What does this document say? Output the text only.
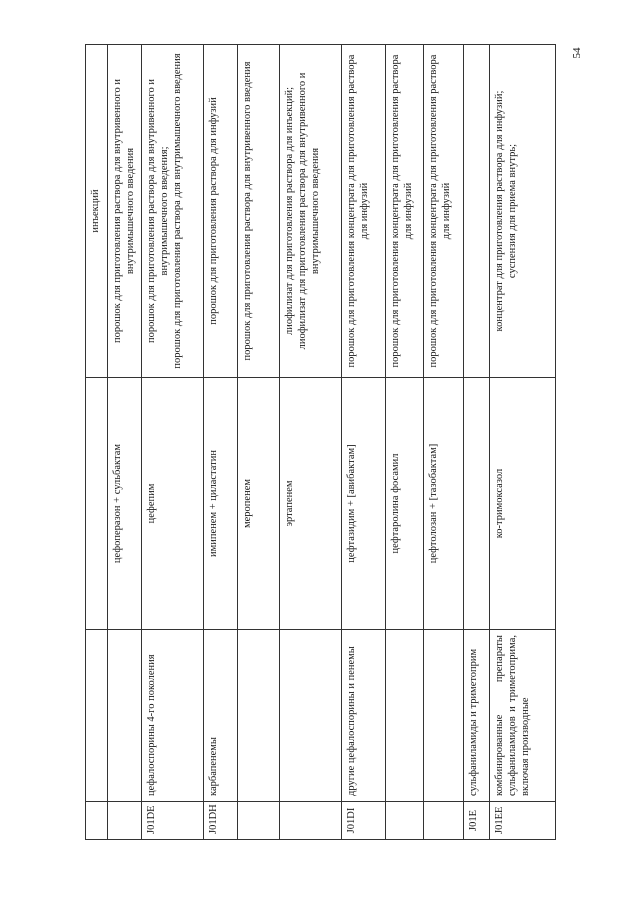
54

			инъекций

		цефоперазон + сульбактам	порошок для приготовления раствора для внутривенного и внутримышечного введения

J01DE	цефалоспорины 4-го поколения	цефепим	порошок для приготовления раствора для внутривенного и внутримышечного введения; порошок для приготовления раствора для внутримышечного введения

J01DH	карбапенемы	имипенем + циластатин	порошок для приготовления раствора для инфузий

		меропенем	порошок для приготовления раствора для внутривенного введения

		эртапенем	лиофилизат для приготовления раствора для инъекций; лиофилизат для приготовления раствора для внутривенного и внутримышечного введения

J01DI	другие цефалоспорины и пенемы	цефтазидим + [авибактам]	порошок для приготовления концентрата для приготовления раствора для инфузий

		цефтаролина фосамил	порошок для приготовления концентрата для приготовления раствора для инфузий

		цефтолозан + [тазобактам]	порошок для приготовления концентрата для приготовления раствора для инфузий

J01E	сульфаниламиды и триметоприм		

J01EE	комбинированные препараты сульфаниламидов и триметоприма, включая производные	ко-тримоксазол	концентрат для приготовления раствора для инфузий; суспензия для приема внутрь;
